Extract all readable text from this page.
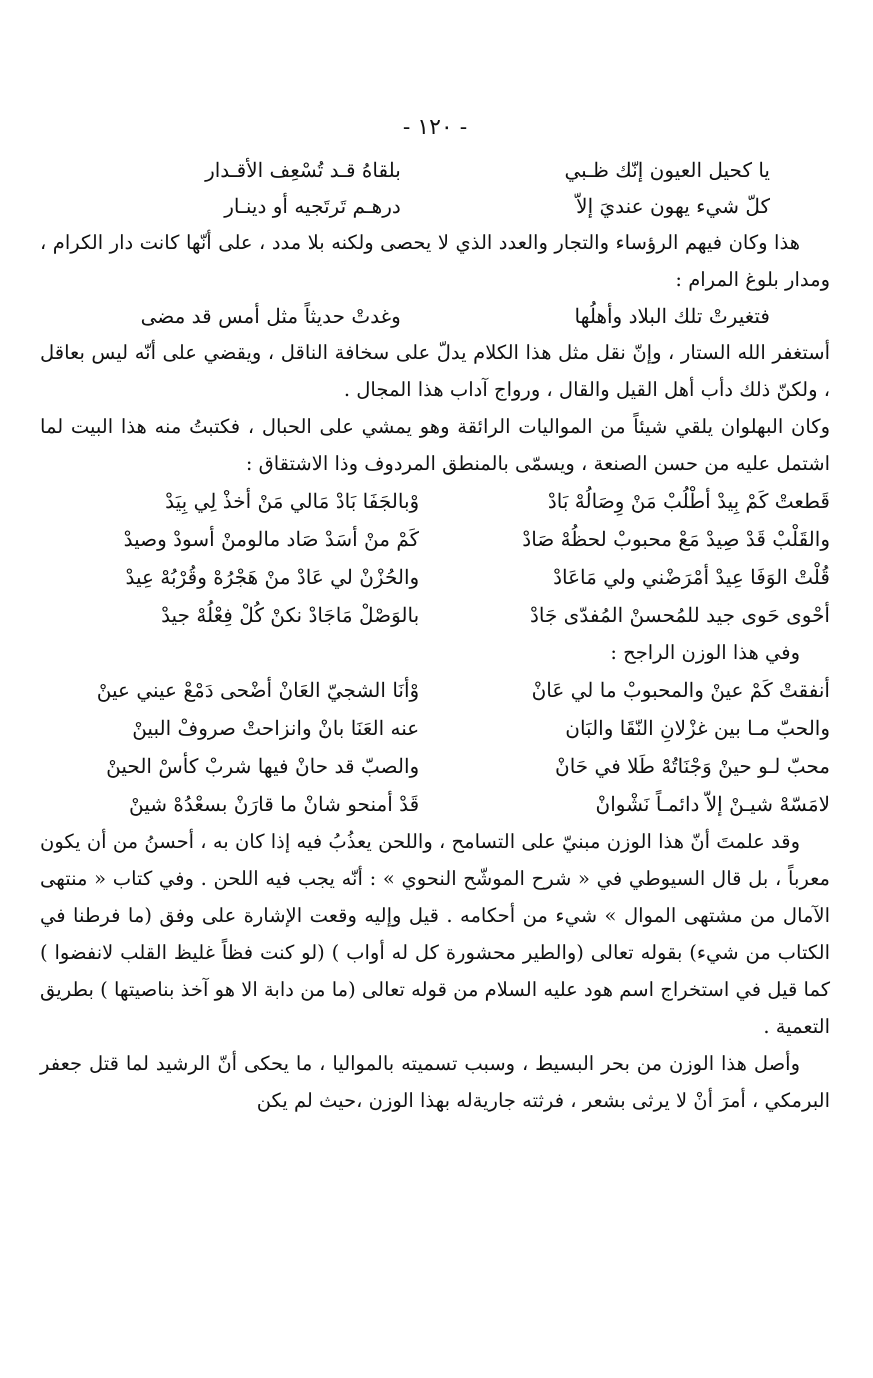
- ١٢٠ -
يا كحيل العيون إنّك ظـبي
بلقاهُ قـد تُسْعِف الأقـدار
كلّ شيء يهون عنديَ إلاّ
درهـم تَرتَجيه أو دينـار

هذا وكان فيهم الرؤساء والتجار والعدد الذي لا يحصى ولكنه بلا مدد ، على أنّها كانت دار الكرام ، ومدار بلوغ المرام :

فتغيرتْ تلك البلاد وأهلُها
وغدتْ حديثاً مثل أمس قد مضى

أستغفر الله الستار ، وإنّ نقل مثل هذا الكلام يدلّ على سخافة الناقل ، ويقضي على أنّه ليس بعاقل ، ولكنّ ذلك دأب أهل القيل والقال ، ورواج آداب هذا المجال .

وكان البهلوان يلقي شيئاً من المواليات الرائقة وهو يمشي على الحبال ، فكتبتُ منه هذا البيت لما اشتمل عليه من حسن الصنعة ، ويسمّى بالمنطق المردوف وذا الاشتقاق :

قَطعتْ كَمْ بِيدْ أطْلُبْ مَنْ وِصَالُهْ بَادْ
وْبالجَفَا بَادْ مَالي مَنْ أخذْ لِي بِيَدْ
والقَلْبْ قَدْ صِيدْ مَعْ محبوبْ لحظُهْ صَادْ
كَمْ منْ أسَدْ صَاد مالومنْ أسودْ وصيدْ
قُلْتْ الوَفَا عِيدْ أمْرَضْني ولي مَاعَادْ
والحُزْنْ لي عَادْ منْ هَجْرُهْ وقُرْبُهْ عِيدْ
أحْوى حَوى جيد للمُحسنْ المُفدّى جَادْ
بالوَصْلْ مَاجَادْ نكنْ كُلْ فِعْلُهْ جيدْ

وفي هذا الوزن الراجح :

أنفقتْ كَمْ عينْ والمحبوبْ ما لي عَانْ
وْأنَا الشجيّ العَانْ أضْحى دَمْعْ عيني عينْ
والحبّ مـا بين غزْلانِ النّقَا والبَان
عنه العَنَا بانْ وانزاحتْ صروفْ البينْ
محبّ لـو حينْ وَجْنَاتُهْ طَلا في حَانْ
والصبّ قد حانْ فيها شربْ كأسْ الحينْ
لامَسّهْ شيـنْ إلاّ دائمـاً نَشْوانْ
قَدْ أمنحو شانْ ما قارَنْ بسعْدُهْ شينْ

وقد علمتَ أنّ هذا الوزن مبنيّ على التسامح ، واللحن يعذُبُ فيه إذا كان به ، أحسنُ من أن يكون معرباً ، بل قال السيوطي في « شرح الموشّح النحوي » : أنّه يجب فيه اللحن . وفي كتاب « منتهى الآمال من مشتهى الموال » شيء من أحكامه . قيل وإليه وقعت الإشارة على وفق (ما فرطنا في الكتاب من شيء) بقوله تعالى (والطير محشورة كل له أواب ) (لو كنت فظاً غليظ القلب لانفضوا ) كما قيل في استخراج اسم هود عليه السلام من قوله تعالى (ما من دابة الا هو آخذ بناصيتها ) بطريق التعمية .

وأصل هذا الوزن من بحر البسيط ، وسبب تسميته بالمواليا ، ما يحكى أنّ الرشيد لما قتل جعفر البرمكي ، أمرَ أنْ لا يرثى بشعر ، فرثته جاريةله بهذا الوزن ،حيث لم يكن
